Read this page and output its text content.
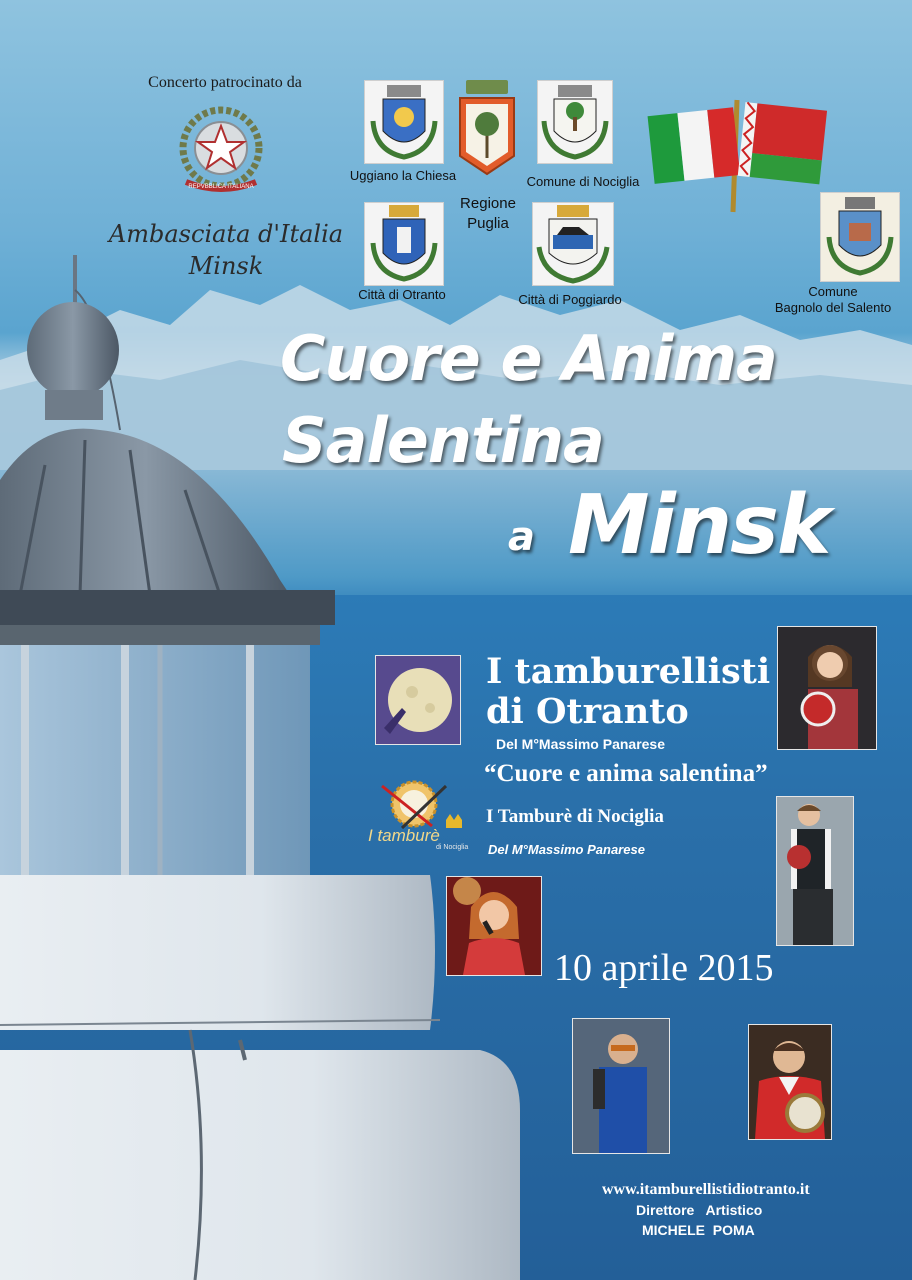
Concerto patrocinato da
REPVBBLICA ITALIANA
Ambasciata d'Italia
Minsk
Uggiano la Chiesa
Regione
Puglia
Comune di Nociglia
Città di Otranto	Città di Poggiardo
Comune
Bagnolo del Salento
Cuore e Anima
Salentina
a Minsk
I tamburellisti
di Otranto
Del M°Massimo Panarese
“Cuore e anima salentina”
I tamburè
di Nociglia
I Tamburè di Nociglia
Del M°Massimo Panarese
10 aprile 2015
www.itamburellistidiotranto.it
Direttore   Artistico
MICHELE  POMA
